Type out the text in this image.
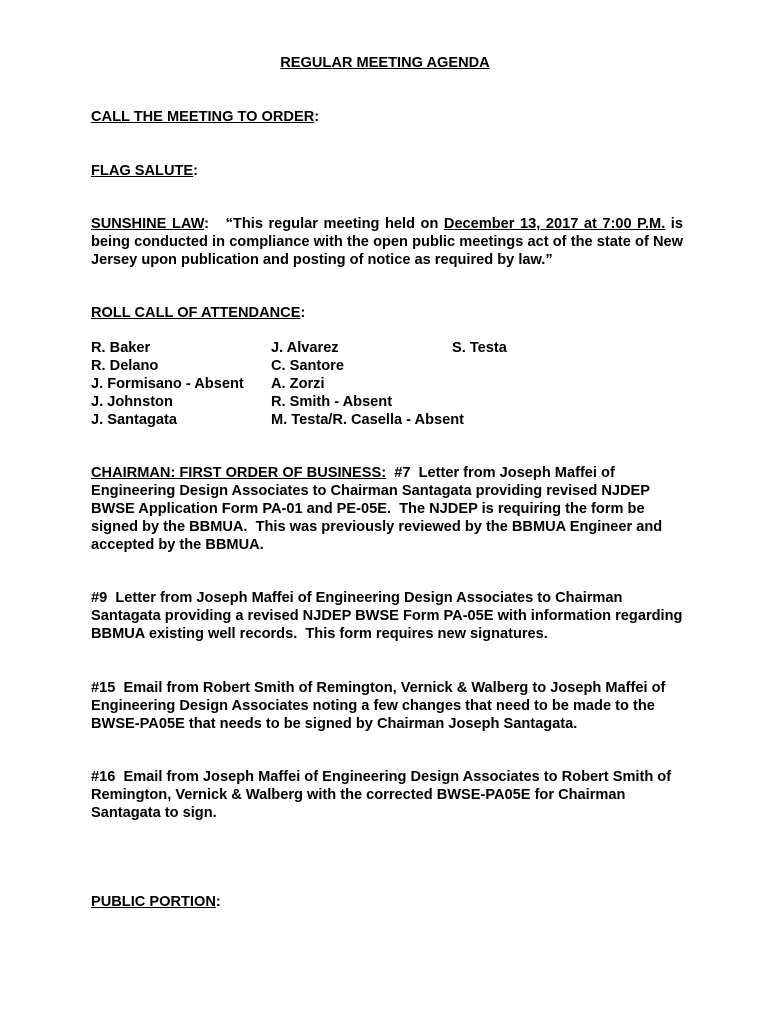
REGULAR MEETING AGENDA
CALL THE MEETING TO ORDER:
FLAG SALUTE:
SUNSHINE LAW:   “This regular meeting held on December 13, 2017 at 7:00 P.M. is being conducted in compliance with the open public meetings act of the state of New Jersey upon publication and posting of notice as required by law.”
ROLL CALL OF ATTENDANCE:
R. Baker
R. Delano
J. Formisano - Absent
J. Johnston
J. Santagata
J. Alvarez
C. Santore
A. Zorzi
R. Smith - Absent
M. Testa/R. Casella - Absent
S. Testa
CHAIRMAN: FIRST ORDER OF BUSINESS:  #7  Letter from Joseph Maffei of Engineering Design Associates to Chairman Santagata providing revised NJDEP BWSE Application Form PA-01 and PE-05E.  The NJDEP is requiring the form be signed by the BBMUA.  This was previously reviewed by the BBMUA Engineer and accepted by the BBMUA.
#9  Letter from Joseph Maffei of Engineering Design Associates to Chairman Santagata providing a revised NJDEP BWSE Form PA-05E with information regarding BBMUA existing well records.  This form requires new signatures.
#15  Email from Robert Smith of Remington, Vernick & Walberg to Joseph Maffei of Engineering Design Associates noting a few changes that need to be made to the BWSE-PA05E that needs to be signed by Chairman Joseph Santagata.
#16  Email from Joseph Maffei of Engineering Design Associates to Robert Smith of Remington, Vernick & Walberg with the corrected BWSE-PA05E for Chairman Santagata to sign.
PUBLIC PORTION:
